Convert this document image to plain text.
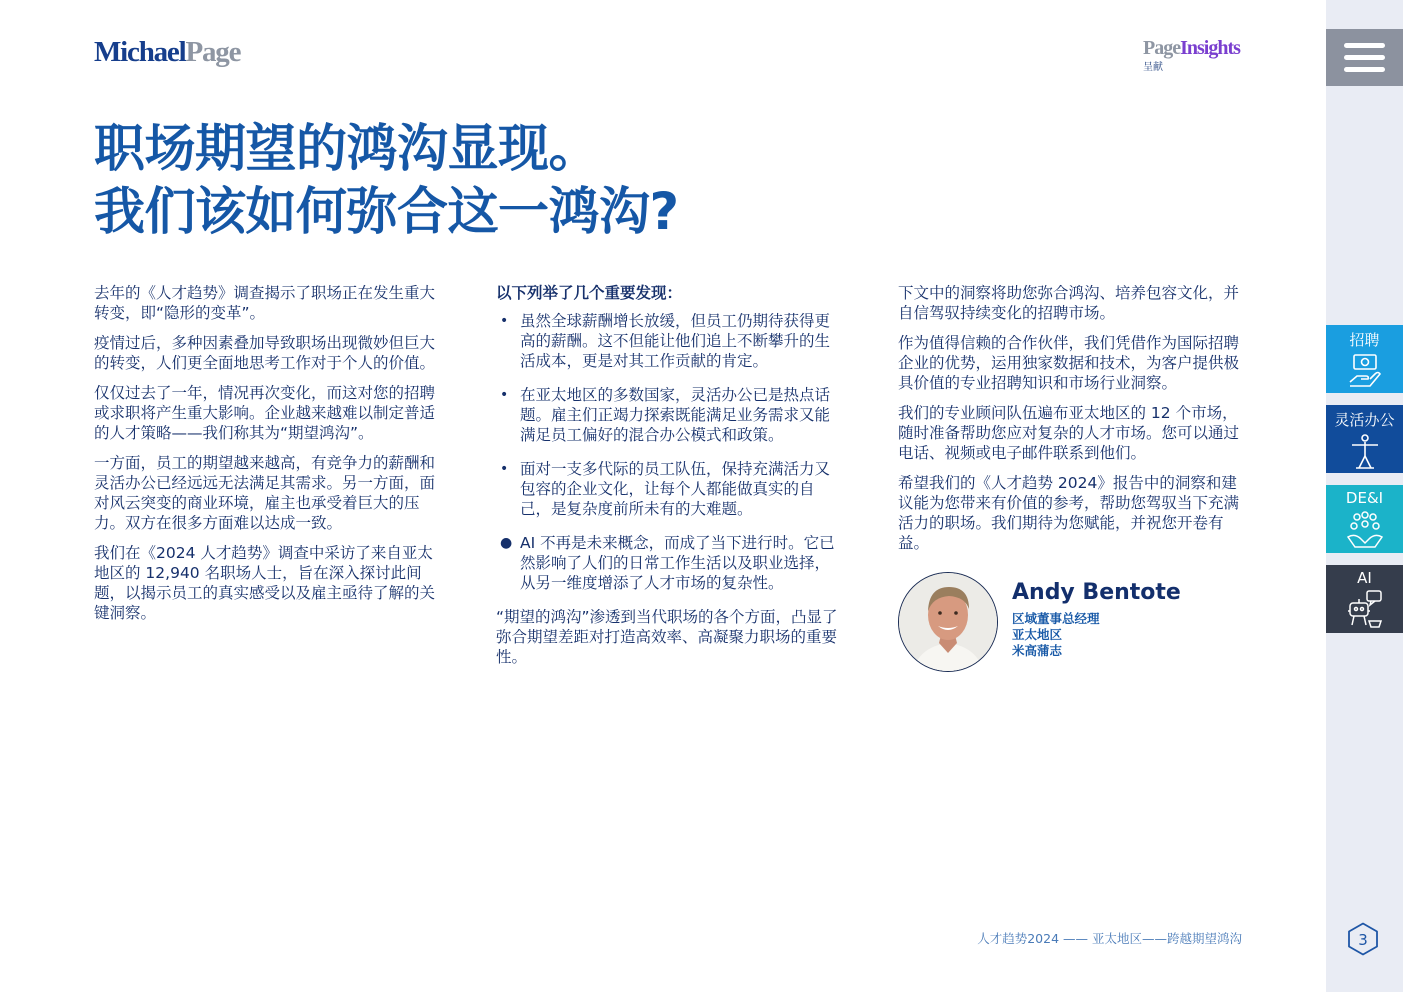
MichaelPage	PageInsights
呈献
职场期望的鸿沟显现。
我们该如何弥合这一鸿沟?

去年的《人才趋势》调查揭示了职场正在发生重大转变，即“隐形的变革”。

疫情过后，多种因素叠加导致职场出现微妙但巨大的转变，人们更全面地思考工作对于个人的价值。

仅仅过去了一年，情况再次变化，而这对您的招聘或求职将产生重大影响。企业越来越难以制定普适的人才策略——我们称其为“期望鸿沟”。

一方面，员工的期望越来越高，有竞争力的薪酬和灵活办公已经远远无法满足其需求。另一方面，面对风云突变的商业环境，雇主也承受着巨大的压力。双方在很多方面难以达成一致。

我们在《2024 人才趋势》调查中采访了来自亚太地区的 12,940 名职场人士，旨在深入探讨此间题，以揭示员工的真实感受以及雇主亟待了解的关键洞察。

以下列举了几个重要发现：

• 虽然全球薪酬增长放缓，但员工仍期待获得更高的薪酬。这不但能让他们追上不断攀升的生活成本，更是对其工作贡献的肯定。
• 在亚太地区的多数国家，灵活办公已是热点话题。雇主们正竭力探索既能满足业务需求又能满足员工偏好的混合办公模式和政策。
• 面对一支多代际的员工队伍，保持充满活力又包容的企业文化，让每个人都能做真实的自己，是复杂度前所未有的大难题。
● AI 不再是未来概念，而成了当下进行时。它已然影响了人们的日常工作生活以及职业选择，从另一维度增添了人才市场的复杂性。

“期望的鸿沟”渗透到当代职场的各个方面，凸显了弥合期望差距对打造高效率、高凝聚力职场的重要性。

下文中的洞察将助您弥合鸿沟、培养包容文化，并自信驾驭持续变化的招聘市场。

作为值得信赖的合作伙伴，我们凭借作为国际招聘企业的优势，运用独家数据和技术，为客户提供极具价值的专业招聘知识和市场行业洞察。

我们的专业顾问队伍遍布亚太地区的 12 个市场，随时准备帮助您应对复杂的人才市场。您可以通过电话、视频或电子邮件联系到他们。

希望我们的《人才趋势 2024》报告中的洞察和建议能为您带来有价值的参考，帮助您驾驭当下充满活力的职场。我们期待为您赋能，并祝您开卷有益。

Andy Bentote
区域董事总经理
亚太地区
米高蒲志
人才趋势2024 —— 亚太地区——跨越期望鸿沟
招聘
灵活办公
DE&I
AI
3
